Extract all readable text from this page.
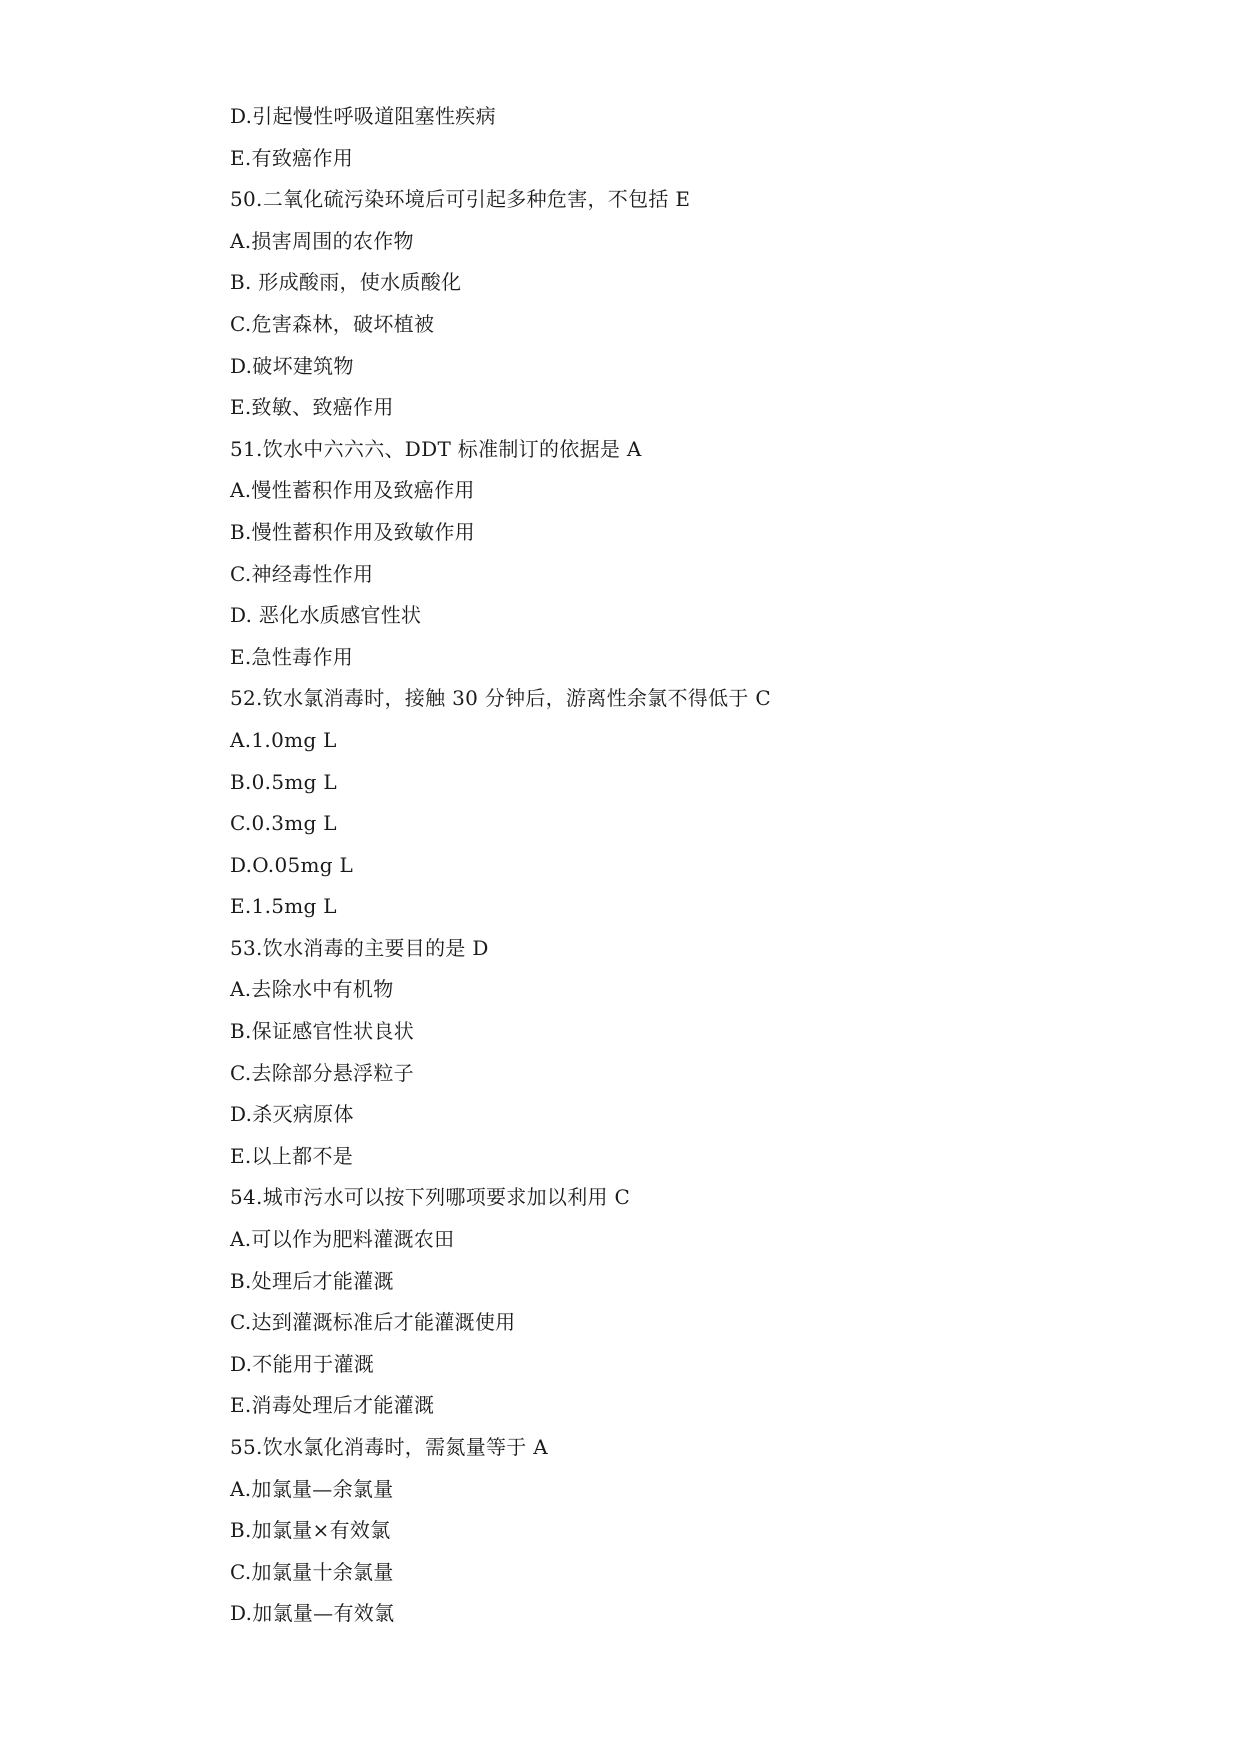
D.引起慢性呼吸道阻塞性疾病
E.有致癌作用
50.二氧化硫污染环境后可引起多种危害，不包括 E
A.损害周围的农作物
B. 形成酸雨，使水质酸化
C.危害森林，破坏植被
D.破坏建筑物
E.致敏、致癌作用
51.饮水中六六六、DDT 标准制订的依据是 A
A.慢性蓄积作用及致癌作用
B.慢性蓄积作用及致敏作用
C.神经毒性作用
D. 恶化水质感官性状
E.急性毒作用
52.钦水氯消毒时，接触 30 分钟后，游离性余氯不得低于 C
A.1.0mg L
B.0.5mg L
C.0.3mg L
D.O.05mg L
E.1.5mg L
53.饮水消毒的主要目的是 D
A.去除水中有机物
B.保证感官性状良状
C.去除部分悬浮粒子
D.杀灭病原体
E.以上都不是
54.城市污水可以按下列哪项要求加以利用 C
A.可以作为肥料灌溉农田
B.处理后才能灌溉
C.达到灌溉标准后才能灌溉使用
D.不能用于灌溉
E.消毒处理后才能灌溉
55.饮水氯化消毒时，需氮量等于 A
A.加氯量—余氯量
B.加氯量×有效氯
C.加氯量十余氯量
D.加氯量—有效氯
